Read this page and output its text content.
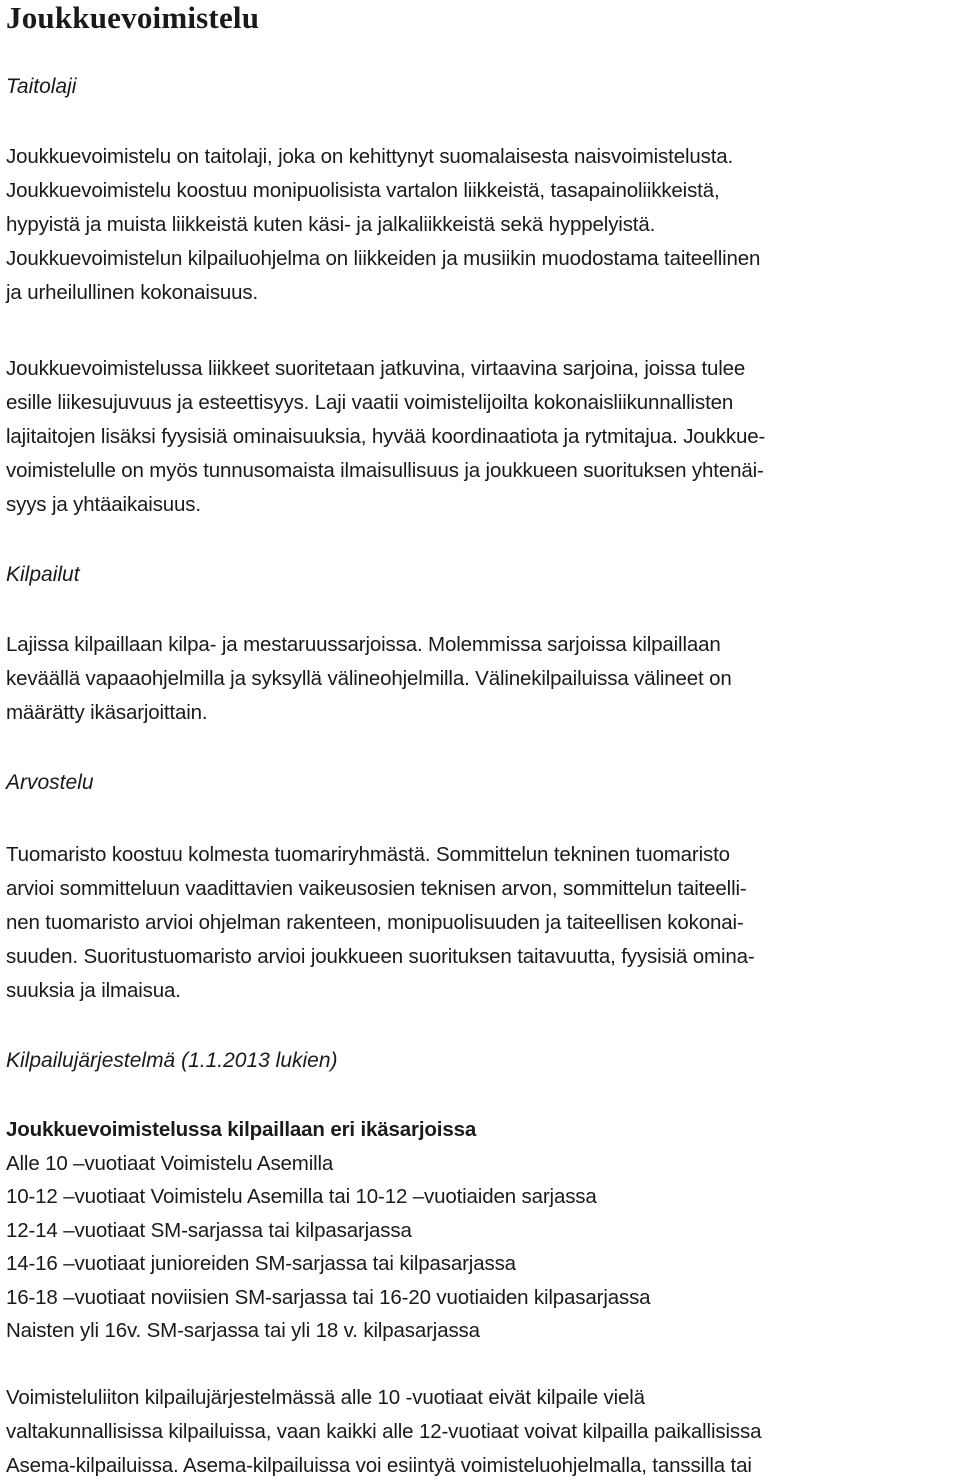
Joukkuevoimistelu
Taitolaji

Joukkuevoimistelu on taitolaji, joka on kehittynyt suomalaisesta naisvoimistelusta.
Joukkuevoimistelu koostuu monipuolisista vartalon liikkeistä, tasapainoliikkeistä,
hypyistä ja muista liikkeistä kuten käsi- ja jalkaliikkeistä sekä hyppelyistä.
Joukkuevoimistelun kilpailuohjelma on liikkeiden ja musiikin muodostama taiteellinen
ja urheilullinen kokonaisuus.

Joukkuevoimistelussa liikkeet suoritetaan jatkuvina, virtaavina sarjoina, joissa tulee
esille liikesujuvuus ja esteettisyys. Laji vaatii voimistelijoilta kokonaisliikunnallisten
lajitaitojen lisäksi fyysisiä ominaisuuksia, hyvää koordinaatiota ja rytmitajua. Joukkue-
voimistelulle on myös tunnusomaista ilmaisullisuus ja joukkueen suorituksen yhtenäi-
syys ja yhtäaikaisuus.

Kilpailut

Lajissa kilpaillaan kilpa- ja mestaruussarjoissa. Molemmissa sarjoissa kilpaillaan
keväällä vapaaohjelmilla ja syksyllä välineohjelmilla. Välinekilpailuissa välineet on
määrätty ikäsarjoittain.

Arvostelu

Tuomaristo koostuu kolmesta tuomariryhmästä. Sommittelun tekninen tuomaristo
arvioi sommitteluun vaadittavien vaikeusosien teknisen arvon, sommittelun taiteelli-
nen tuomaristo arvioi ohjelman rakenteen, monipuolisuuden ja taiteellisen kokonai-
suuden. Suoritustuomaristo arvioi joukkueen suorituksen taitavuutta, fyysisiä omina-
suuksia ja ilmaisua.

Kilpailujärjestelmä (1.1.2013 lukien)
Joukkuevoimistelussa kilpaillaan eri ikäsarjoissa
Alle 10 –vuotiaat Voimistelu Asemilla
10-12 –vuotiaat Voimistelu Asemilla tai 10-12 –vuotiaiden sarjassa
12-14 –vuotiaat SM-sarjassa tai kilpasarjassa
14-16 –vuotiaat junioreiden SM-sarjassa tai kilpasarjassa
16-18 –vuotiaat noviisien SM-sarjassa tai 16-20 vuotiaiden kilpasarjassa
Naisten yli 16v. SM-sarjassa tai yli 18 v. kilpasarjassa

Voimisteluliiton kilpailujärjestelmässä alle 10 -vuotiaat eivät kilpaile vielä
valtakunnallisissa kilpailuissa, vaan kaikki alle 12-vuotiaat voivat kilpailla paikallisissa
Asema-kilpailuissa. Asema-kilpailuissa voi esiintyä voimisteluohjelmalla, tanssilla tai
